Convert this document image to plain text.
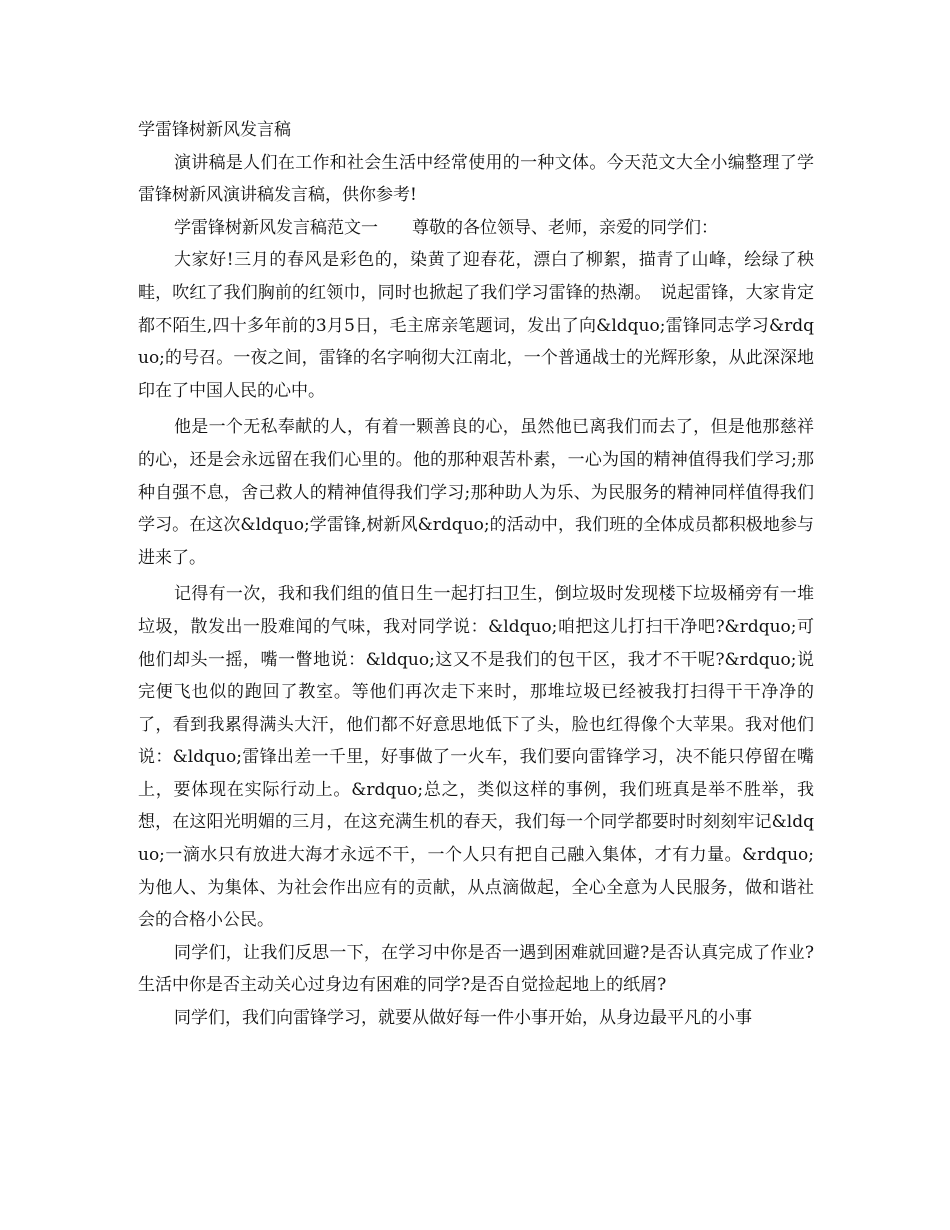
学雷锋树新风发言稿

演讲稿是人们在工作和社会生活中经常使用的一种文体。今天范文大全小编整理了学雷锋树新风演讲稿发言稿，供你参考!

学雷锋树新风发言稿范文一　　尊敬的各位领导、老师，亲爱的同学们：

大家好!三月的春风是彩色的，染黄了迎春花，漂白了柳絮，描青了山峰，绘绿了秧畦，吹红了我们胸前的红领巾，同时也掀起了我们学习雷锋的热潮。　说起雷锋，大家肯定都不陌生,四十多年前的3月5日，毛主席亲笔题词，发出了向&ldquo;雷锋同志学习&rdquo;的号召。一夜之间，雷锋的名字响彻大江南北，一个普通战士的光辉形象，从此深深地印在了中国人民的心中。

他是一个无私奉献的人，有着一颗善良的心，虽然他已离我们而去了，但是他那慈祥的心，还是会永远留在我们心里的。他的那种艰苦朴素，一心为国的精神值得我们学习;那种自强不息，舍己救人的精神值得我们学习;那种助人为乐、为民服务的精神同样值得我们学习。在这次&ldquo;学雷锋,树新风&rdquo;的活动中，我们班的全体成员都积极地参与进来了。

记得有一次，我和我们组的值日生一起打扫卫生，倒垃圾时发现楼下垃圾桶旁有一堆垃圾，散发出一股难闻的气味，我对同学说：&ldquo;咱把这儿打扫干净吧?&rdquo;可他们却头一摇，嘴一瞥地说：&ldquo;这又不是我们的包干区，我才不干呢?&rdquo;说完便飞也似的跑回了教室。等他们再次走下来时，那堆垃圾已经被我打扫得干干净净的了，看到我累得满头大汗，他们都不好意思地低下了头，脸也红得像个大苹果。我对他们说：&ldquo;雷锋出差一千里，好事做了一火车，我们要向雷锋学习，决不能只停留在嘴上，要体现在实际行动上。&rdquo;总之，类似这样的事例，我们班真是举不胜举，我想，在这阳光明媚的三月，在这充满生机的春天，我们每一个同学都要时时刻刻牢记&ldquo;一滴水只有放进大海才永远不干，一个人只有把自己融入集体，才有力量。&rdquo;为他人、为集体、为社会作出应有的贡献，从点滴做起，全心全意为人民服务，做和谐社会的合格小公民。

同学们，让我们反思一下，在学习中你是否一遇到困难就回避?是否认真完成了作业?生活中你是否主动关心过身边有困难的同学?是否自觉捡起地上的纸屑?

同学们，我们向雷锋学习，就要从做好每一件小事开始，从身边最平凡的小事
